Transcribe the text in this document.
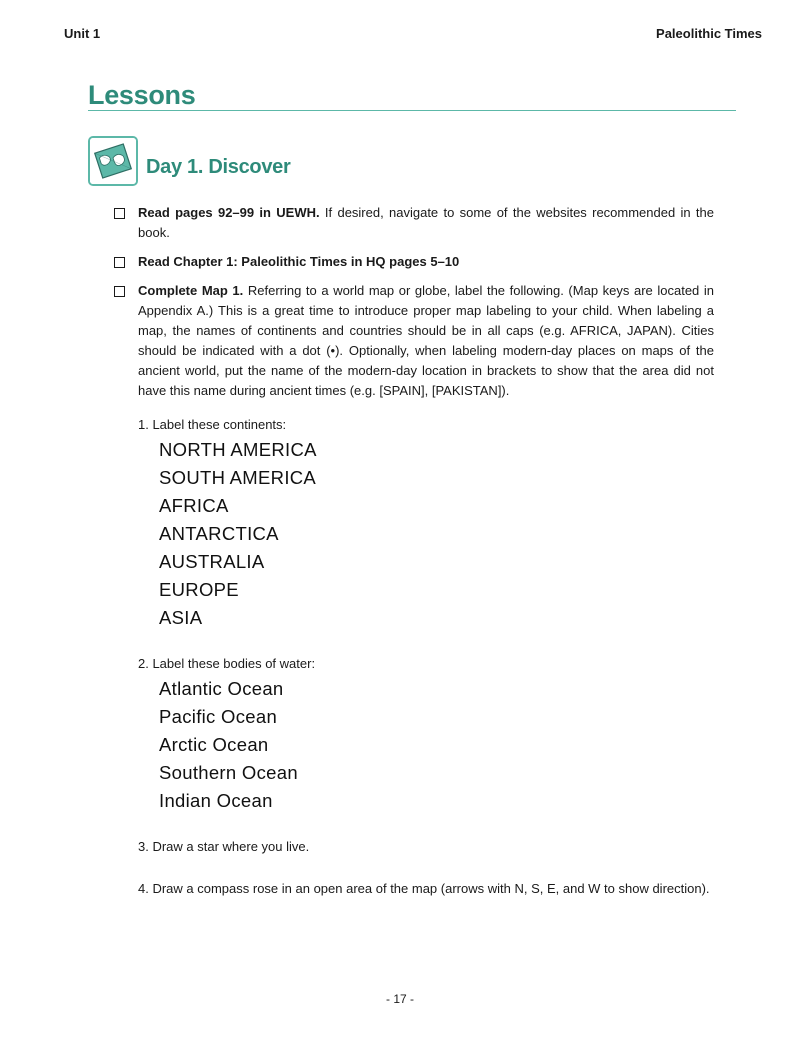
Unit 1	Paleolithic Times
Lessons
Day 1. Discover
Read pages 92–99 in UEWH. If desired, navigate to some of the websites recommended in the book.
Read Chapter 1: Paleolithic Times in HQ pages 5–10
Complete Map 1. Referring to a world map or globe, label the following. (Map keys are located in Appendix A.) This is a great time to introduce proper map labeling to your child. When labeling a map, the names of continents and countries should be in all caps (e.g. AFRICA, JAPAN). Cities should be indicated with a dot (•). Optionally, when labeling modern-day places on maps of the ancient world, put the name of the modern-day location in brackets to show that the area did not have this name during ancient times (e.g. [SPAIN], [PAKISTAN]).
1. Label these continents:
NORTH AMERICA
SOUTH AMERICA
AFRICA
ANTARCTICA
AUSTRALIA
EUROPE
ASIA
2. Label these bodies of water:
Atlantic Ocean
Pacific Ocean
Arctic Ocean
Southern Ocean
Indian Ocean
3. Draw a star where you live.
4. Draw a compass rose in an open area of the map (arrows with N, S, E, and W to show direction).
- 17 -
